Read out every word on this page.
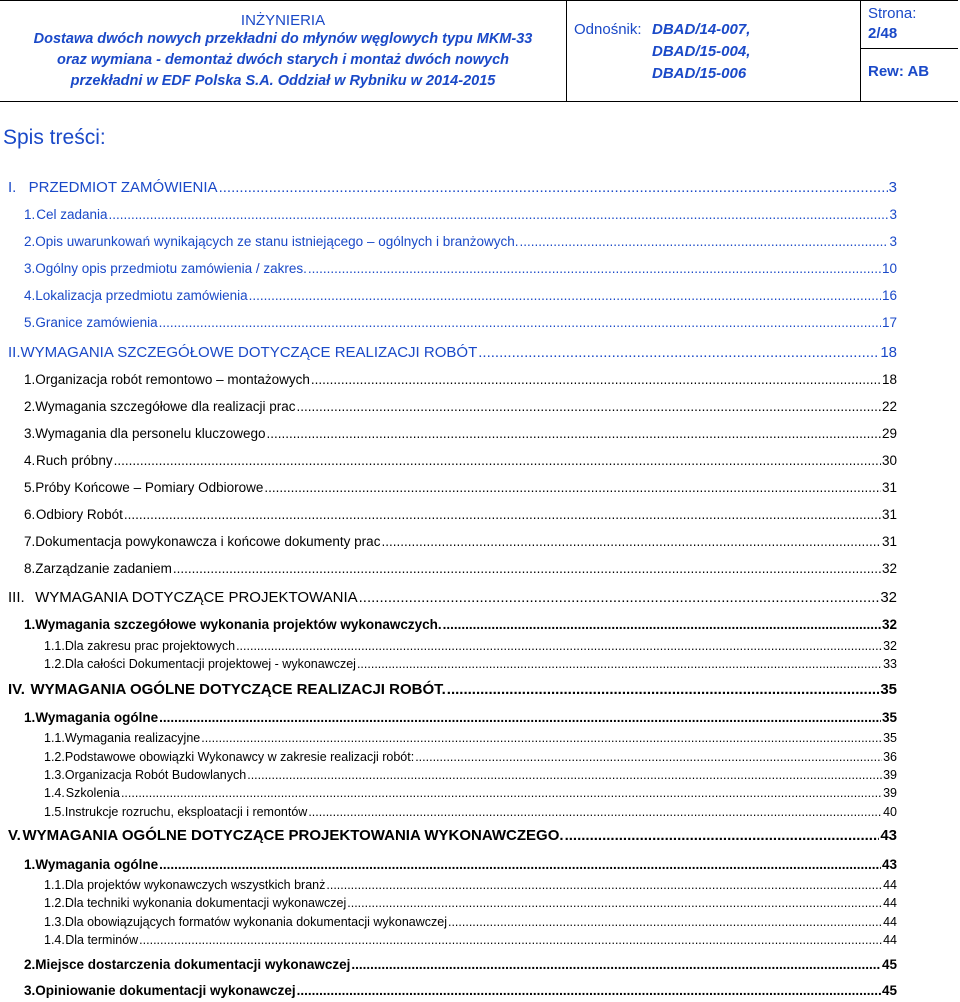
INŻYNIERIA
Dostawa dwóch nowych przekładni do młynów węglowych typu MKM-33
oraz wymiana - demontaż dwóch starych i montaż dwóch nowych
przekładni w EDF Polska S.A. Oddział w Rybniku w 2014-2015
Odnośnik: DBAD/14-007,
DBAD/15-004,
DBAD/15-006
Strona:
2/48
Rew: AB
Spis treści:
I. PRZEDMIOT ZAMÓWIENIA .....	3
1. Cel zadania .....	3
2. Opis uwarunkowań wynikających ze stanu istniejącego – ogólnych i branżowych. .....	3
3. Ogólny opis przedmiotu zamówienia / zakres. .....	10
4. Lokalizacja przedmiotu zamówienia .....	16
5. Granice zamówienia .....	17
II. WYMAGANIA SZCZEGÓŁOWE DOTYCZĄCE REALIZACJI ROBÓT .....	18
1. Organizacja robót remontowo – montażowych .....	18
2. Wymagania szczegółowe dla realizacji prac .....	22
3. Wymagania dla personelu kluczowego .....	29
4. Ruch próbny .....	30
5. Próby Końcowe – Pomiary Odbiorowe .....	31
6. Odbiory Robót .....	31
7. Dokumentacja powykonawcza i końcowe dokumenty prac .....	31
8. Zarządzanie zadaniem .....	32
III. WYMAGANIA DOTYCZĄCE PROJEKTOWANIA .....	32
1. Wymagania szczegółowe wykonania projektów wykonawczych. .....	32
1.1. Dla zakresu prac projektowych .....	32
1.2. Dla całości Dokumentacji projektowej - wykonawczej .....	33
IV. WYMAGANIA OGÓLNE DOTYCZĄCE REALIZACJI ROBÓT. .....	35
1. Wymagania ogólne .....	35
1.1. Wymagania realizacyjne .....	35
1.2. Podstawowe obowiązki Wykonawcy w zakresie realizacji robót: .....	36
1.3. Organizacja Robót Budowlanych .....	39
1.4. Szkolenia .....	39
1.5. Instrukcje rozruchu, eksploatacji i remontów .....	40
V. WYMAGANIA OGÓLNE DOTYCZĄCE PROJEKTOWANIA WYKONAWCZEGO. .....	43
1. Wymagania ogólne .....	43
1.1. Dla projektów wykonawczych wszystkich branż .....	44
1.2. Dla techniki wykonania dokumentacji wykonawczej .....	44
1.3. Dla obowiązujących formatów wykonania dokumentacji wykonawczej .....	44
1.4. Dla terminów .....	44
2. Miejsce dostarczenia dokumentacji wykonawczej .....	45
3. Opiniowanie dokumentacji wykonawczej .....	45
